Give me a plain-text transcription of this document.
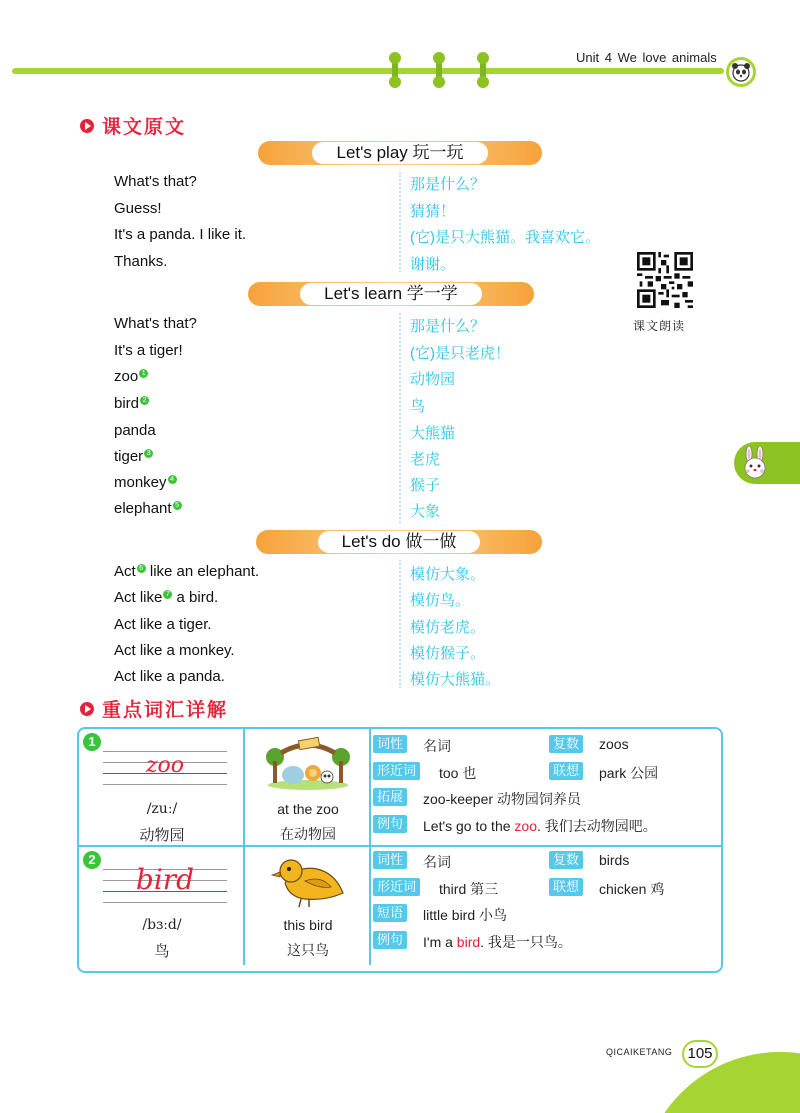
Unit 4 We love animals
课文原文
Let's play 玩一玩
What's that?	那是什么？
Guess!	猜猜！
It's a panda. I like it.	(它)是只大熊猫。我喜欢它。
Thanks.	谢谢。
课文朗读
Let's learn 学一学
What's that?	那是什么？
It's a tiger!	(它)是只老虎！
zoo 1	动物园
bird 2	鸟
panda	大熊猫
tiger 3	老虎
monkey 4	猴子
elephant 5	大象
Let's do 做一做
Act 6 like an elephant.	模仿大象。
Act like 7 a bird.	模仿鸟。
Act like a tiger.	模仿老虎。
Act like a monkey.	模仿猴子。
Act like a panda.	模仿大熊猫。
重点词汇详解
1
zoo
/zuː/
动物园
at the zoo
在动物园
词性 名词	复数 zoos
形近词 too 也	联想 park 公园
拓展 zoo-keeper 动物园饲养员
例句 Let's go to the zoo. 我们去动物园吧。
2
bird
/bɜːd/
鸟
this bird
这只鸟
词性 名词	复数 birds
形近词 third 第三	联想 chicken 鸡
短语 little bird 小鸟
例句 I'm a bird. 我是一只鸟。
QICAIKETANG	105
